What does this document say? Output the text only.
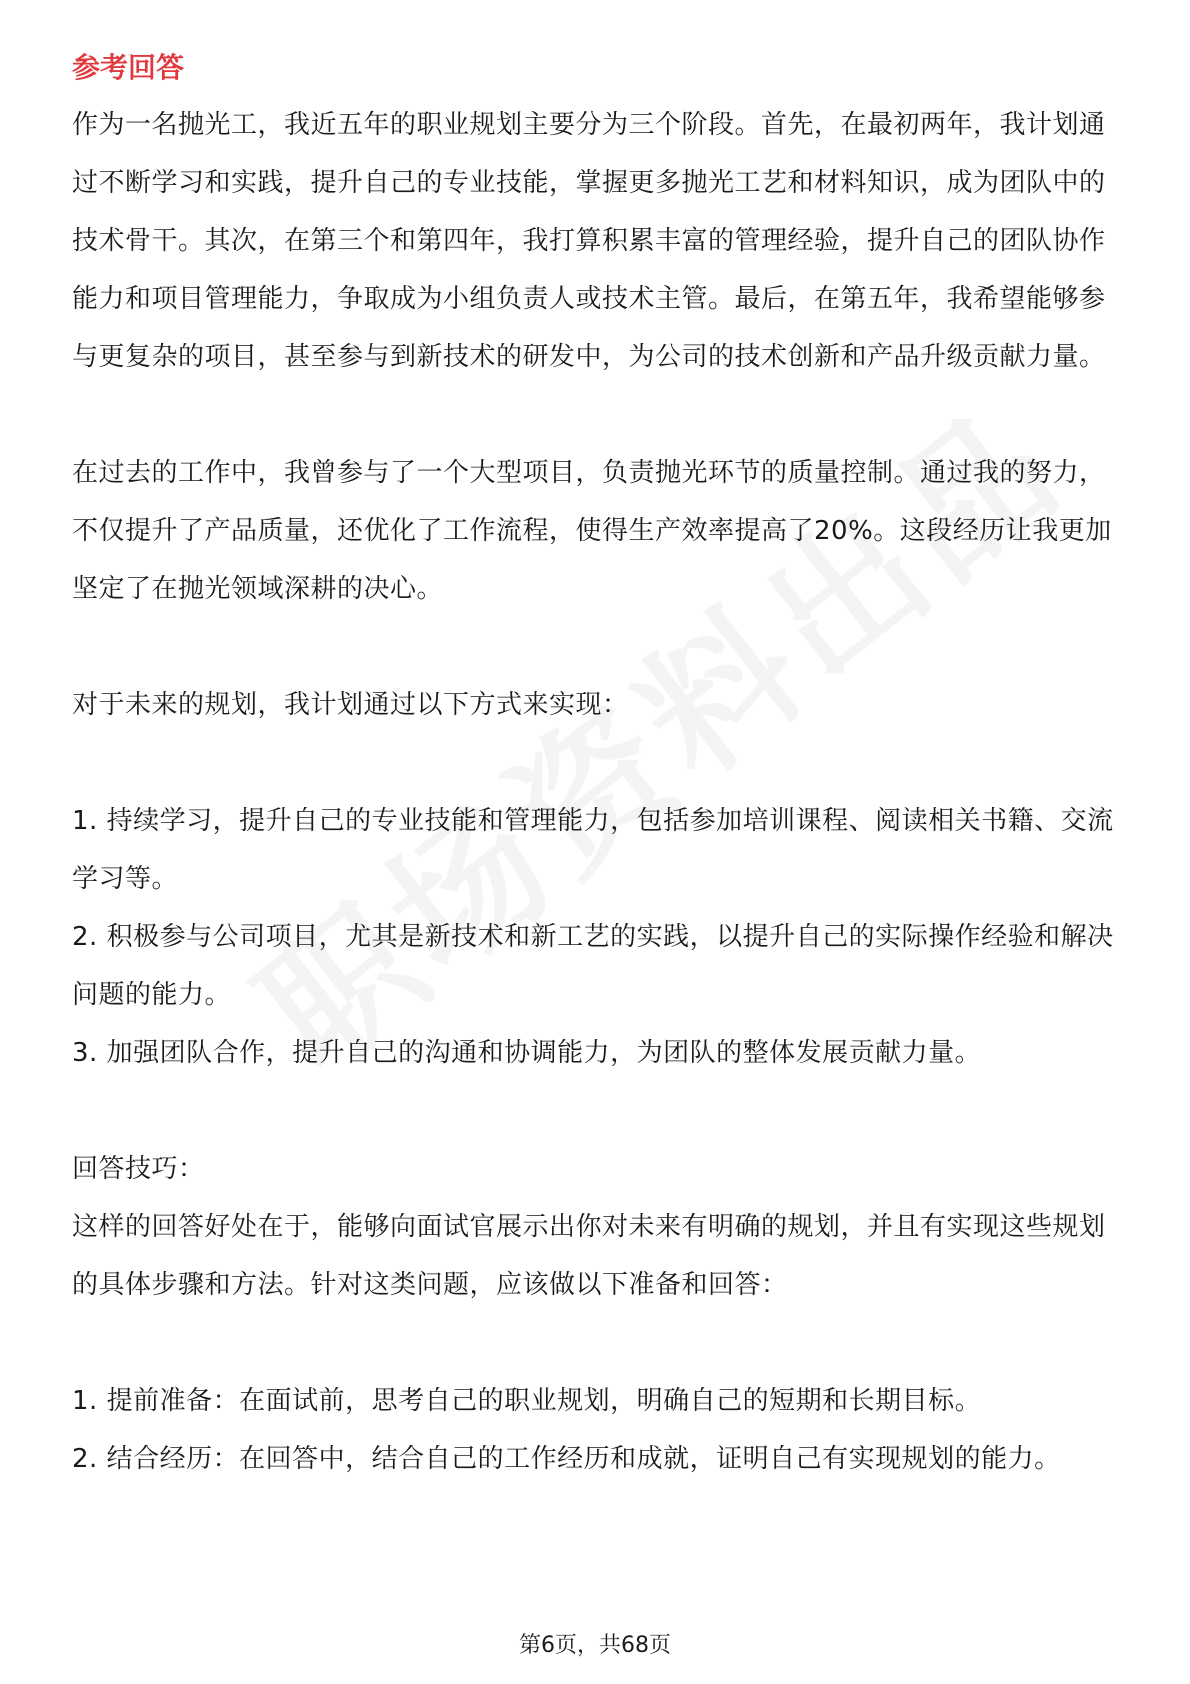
参考回答

作为一名抛光工，我近五年的职业规划主要分为三个阶段。首先，在最初两年，我计划通过不断学习和实践，提升自己的专业技能，掌握更多抛光工艺和材料知识，成为团队中的技术骨干。其次，在第三个和第四年，我打算积累丰富的管理经验，提升自己的团队协作能力和项目管理能力，争取成为小组负责人或技术主管。最后，在第五年，我希望能够参与更复杂的项目，甚至参与到新技术的研发中，为公司的技术创新和产品升级贡献力量。

在过去的工作中，我曾参与了一个大型项目，负责抛光环节的质量控制。通过我的努力，不仅提升了产品质量，还优化了工作流程，使得生产效率提高了20%。这段经历让我更加坚定了在抛光领域深耕的决心。

对于未来的规划，我计划通过以下方式来实现：

1. 持续学习，提升自己的专业技能和管理能力，包括参加培训课程、阅读相关书籍、交流学习等。

2. 积极参与公司项目，尤其是新技术和新工艺的实践，以提升自己的实际操作经验和解决问题的能力。

3. 加强团队合作，提升自己的沟通和协调能力，为团队的整体发展贡献力量。

回答技巧：

这样的回答好处在于，能够向面试官展示出你对未来有明确的规划，并且有实现这些规划的具体步骤和方法。针对这类问题，应该做以下准备和回答：

1. 提前准备：在面试前，思考自己的职业规划，明确自己的短期和长期目标。

2. 结合经历：在回答中，结合自己的工作经历和成就，证明自己有实现规划的能力。

第6页，共68页
